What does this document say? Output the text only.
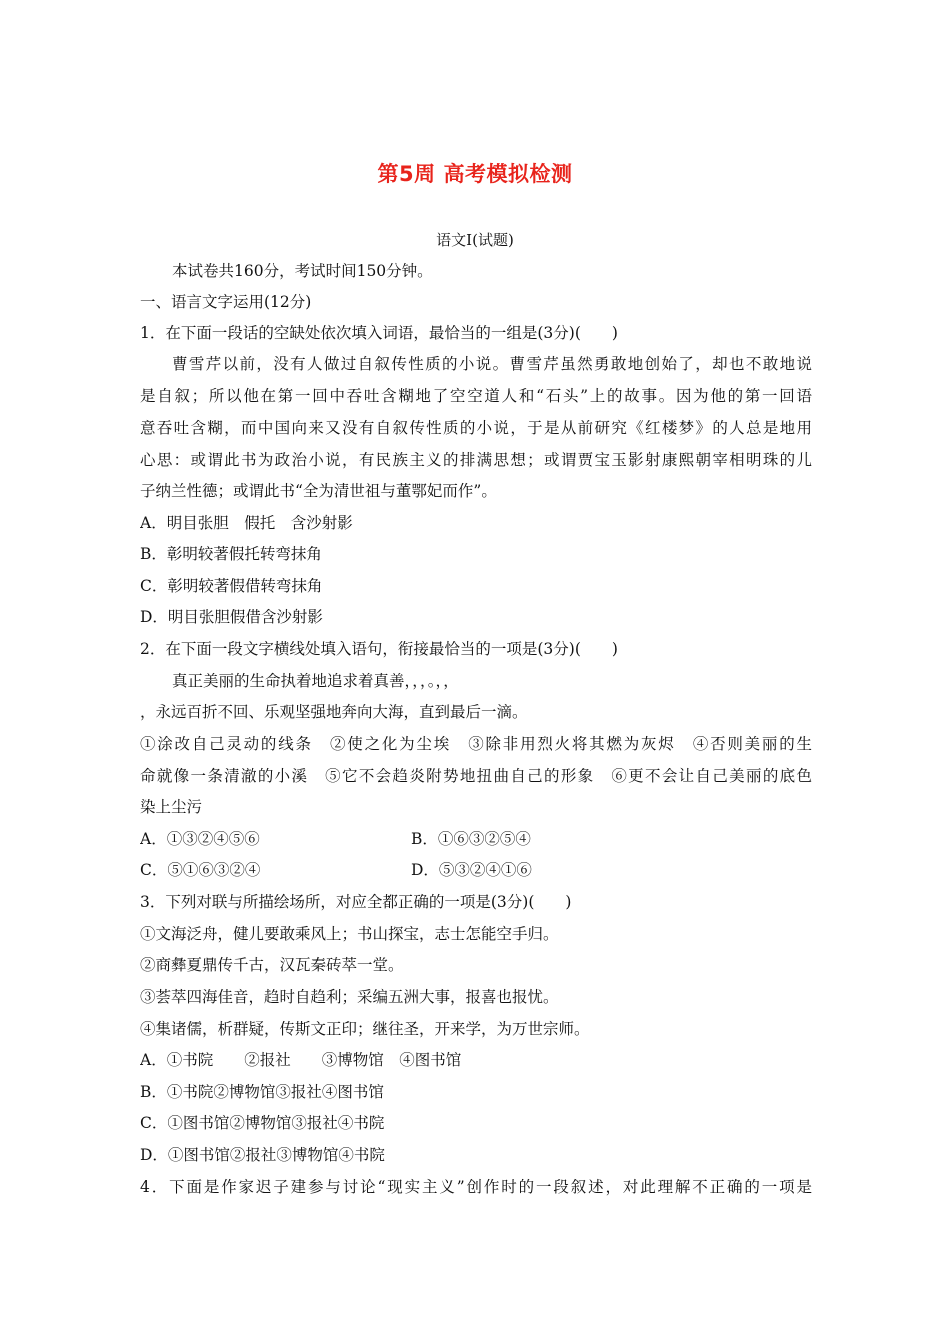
第5周 高考模拟检测
语文Ⅰ(试题)
本试卷共160分，考试时间150分钟。
一、语言文字运用(12分)
1．在下面一段话的空缺处依次填入词语，最恰当的一组是(3分)(　　)
曹雪芹以前，没有人做过自叙传性质的小说。曹雪芹虽然勇敢地创始了，却也不敢地说
是自叙；所以他在第一回中吞吐含糊地了空空道人和“石头”上的故事。因为他的第一回语
意吞吐含糊，而中国向来又没有自叙传性质的小说，于是从前研究《红楼梦》的人总是地用
心思：或谓此书为政治小说，有民族主义的排满思想；或谓贾宝玉影射康熙朝宰相明珠的儿
子纳兰性德；或谓此书“全为清世祖与董鄂妃而作”。
A．明目张胆　假托　含沙射影
B．彰明较著假托转弯抹角
C．彰明较著假借转弯抹角
D．明目张胆假借含沙射影
2．在下面一段文字横线处填入语句，衔接最恰当的一项是(3分)(　　)
真正美丽的生命执着地追求着真善，，，。，，
，永远百折不回、乐观坚强地奔向大海，直到最后一滴。
①涂改自己灵动的线条　②使之化为尘埃　③除非用烈火将其燃为灰烬　④否则美丽的生
命就像一条清澈的小溪　⑤它不会趋炎附势地扭曲自己的形象　⑥更不会让自己美丽的底色
染上尘污
A．①③②④⑤⑥	B．①⑥③②⑤④
C．⑤①⑥③②④	D．⑤③②④①⑥
3．下列对联与所描绘场所，对应全都正确的一项是(3分)(　　)
①文海泛舟，健儿要敢乘风上；书山探宝，志士怎能空手归。
②商彝夏鼎传千古，汉瓦秦砖萃一堂。
③荟萃四海佳音，趋时自趋利；采编五洲大事，报喜也报忧。
④集诸儒，析群疑，传斯文正印；继往圣，开来学，为万世宗师。
A．①书院　　②报社　　③博物馆　④图书馆
B．①书院②博物馆③报社④图书馆
C．①图书馆②博物馆③报社④书院
D．①图书馆②报社③博物馆④书院
4．下面是作家迟子建参与讨论“现实主义”创作时的一段叙述，对此理解不正确的一项是
